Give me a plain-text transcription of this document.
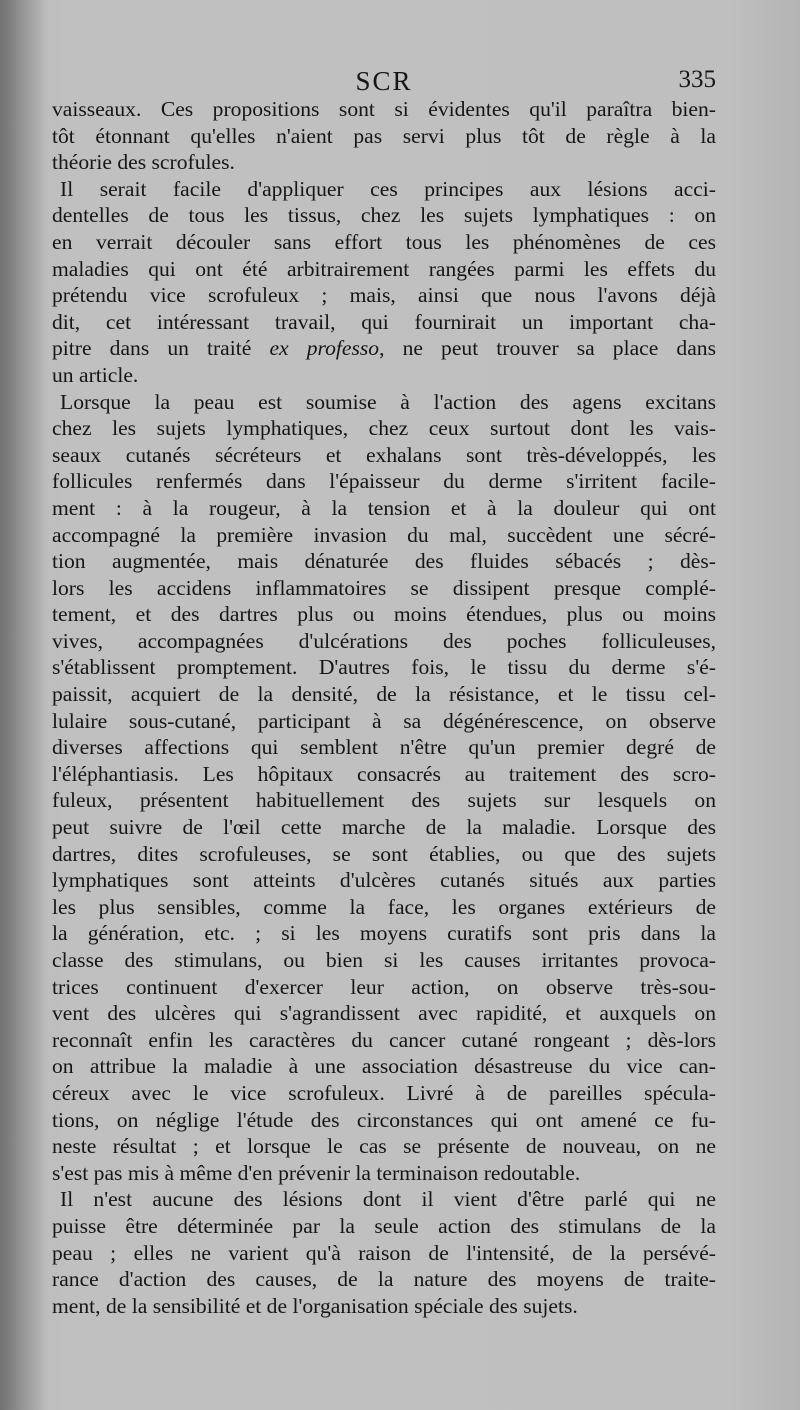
SCR	335
vaisseaux. Ces propositions sont si évidentes qu'il paraîtra bien-
tôt étonnant qu'elles n'aient pas servi plus tôt de règle à la
théorie des scrofules.
Il serait facile d'appliquer ces principes aux lésions acci-
dentelles de tous les tissus, chez les sujets lymphatiques : on
en verrait découler sans effort tous les phénomènes de ces
maladies qui ont été arbitrairement rangées parmi les effets du
prétendu vice scrofuleux ; mais, ainsi que nous l'avons déjà
dit, cet intéressant travail, qui fournirait un important cha-
pitre dans un traité ex professo, ne peut trouver sa place dans
un article.
Lorsque la peau est soumise à l'action des agens excitans
chez les sujets lymphatiques, chez ceux surtout dont les vais-
seaux cutanés sécréteurs et exhalans sont très-développés, les
follicules renfermés dans l'épaisseur du derme s'irritent facile-
ment : à la rougeur, à la tension et à la douleur qui ont
accompagné la première invasion du mal, succèdent une sécré-
tion augmentée, mais dénaturée des fluides sébacés ; dès-
lors les accidens inflammatoires se dissipent presque complé-
tement, et des dartres plus ou moins étendues, plus ou moins
vives, accompagnées d'ulcérations des poches folliculeuses,
s'établissent promptement. D'autres fois, le tissu du derme s'é-
paissit, acquiert de la densité, de la résistance, et le tissu cel-
lulaire sous-cutané, participant à sa dégénérescence, on observe
diverses affections qui semblent n'être qu'un premier degré de
l'éléphantiasis. Les hôpitaux consacrés au traitement des scro-
fuleux, présentent habituellement des sujets sur lesquels on
peut suivre de l'œil cette marche de la maladie. Lorsque des
dartres, dites scrofuleuses, se sont établies, ou que des sujets
lymphatiques sont atteints d'ulcères cutanés situés aux parties
les plus sensibles, comme la face, les organes extérieurs de
la génération, etc. ; si les moyens curatifs sont pris dans la
classe des stimulans, ou bien si les causes irritantes provoca-
trices continuent d'exercer leur action, on observe très-sou-
vent des ulcères qui s'agrandissent avec rapidité, et auxquels on
reconnaît enfin les caractères du cancer cutané rongeant ; dès-lors
on attribue la maladie à une association désastreuse du vice can-
céreux avec le vice scrofuleux. Livré à de pareilles spécula-
tions, on néglige l'étude des circonstances qui ont amené ce fu-
neste résultat ; et lorsque le cas se présente de nouveau, on ne
s'est pas mis à même d'en prévenir la terminaison redoutable.
Il n'est aucune des lésions dont il vient d'être parlé qui ne
puisse être déterminée par la seule action des stimulans de la
peau ; elles ne varient qu'à raison de l'intensité, de la persévé-
rance d'action des causes, de la nature des moyens de traite-
ment, de la sensibilité et de l'organisation spéciale des sujets.
